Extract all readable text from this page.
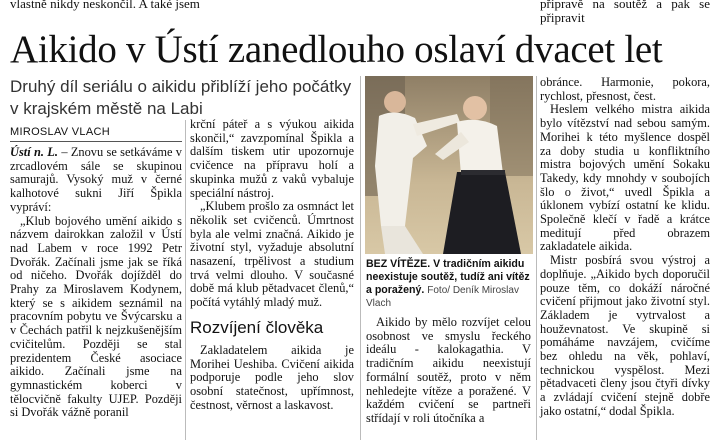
vlastně nikdy neskončil. A také jsem	přípravě na soutěž a pak se připravit

Aikido v Ústí zanedlouho oslaví dvacet let
Druhý díl seriálu o aikidu přiblíží jeho počátky v krajském městě na Labi
MIROSLAV VLACH

Ústí n. L. – Znovu se setkáváme v zrcadlovém sále se skupinou samurajů. Vysoký muž v černé kalhotové sukni Jiří Špikla vypráví:

„Klub bojového umění aikido s názvem dairokkan založil v Ústí nad Labem v roce 1992 Petr Dvořák. Začínali jsme jak se říká od ničeho. Dvořák dojížděl do Prahy za Miroslavem Kodynem, který se s aikidem seznámil na pracovním pobytu ve Švýcarsku a v Čechách patřil k nejzkušenějším cvičitelům. Později se stal prezidentem České asociace aikido. Začínali jsme na gymnastickém koberci v tělocvičně fakulty UJEP. Později si Dvořák vážně poranil

krční páteř a s výukou aikida skončil,“ zavzpomínal Špikla a dalším tiskem utir upozornuje cvičence na přípravu holí a skupinka mužů z vaků vybaluje speciální nástroj.

„Klubem prošlo za osmnáct let několik set cvičenců. Úmrtnost byla ale velmi značná. Aikido je životní styl, vyžaduje absolutní nasazení, trpělivost a studium trvá velmi dlouho. V současné době má klub pětadvacet členů,“ počítá vytáhlý mladý muž.

Rozvíjení člověka

Zakladatelem aikida je Morihei Ueshiba. Cvičení aikida podporuje podle jeho slov osobní statečnost, upřímnost, čestnost, věrnost a laskavost.

BEZ VÍTĚZE. V tradičním aikidu neexistuje soutěž, tudíž ani vítěz a poražený. Foto/ Deník Miroslav Vlach

Aikido by mělo rozvíjet celou osobnost ve smyslu řeckého ideálu - kalokagathia. V tradičním aikidu neexistují formální soutěž, proto v něm nehledejte vítěze a poražené. V každém cvičení se partneři střídají v roli útočníka a

obránce. Harmonie, pokora, rychlost, přesnost, čest.

Heslem velkého mistra aikida bylo vítězství nad sebou samým. Morihei k této myšlence dospěl za doby studia u konfliktního mistra bojových umění Sokaku Takedy, kdy mnohdy v soubojích šlo o život,“ uvedl Špikla a úklonem vybízí ostatní ke klidu. Společně klečí v řadě a krátce meditují před obrazem zakladatele aikida.

Mistr posbírá svou výstroj a doplňuje. „Aikido bych doporučil pouze těm, co dokáží náročné cvičení přijmout jako životní styl. Základem je vytrvalost a houževnatost. Ve skupině si pomáháme navzájem, cvičíme bez ohledu na věk, pohlaví, technickou vyspělost. Mezi pětadvaceti členy jsou čtyři dívky a zvládají cvičení stejně dobře jako ostatní,“ dodal Špikla.
